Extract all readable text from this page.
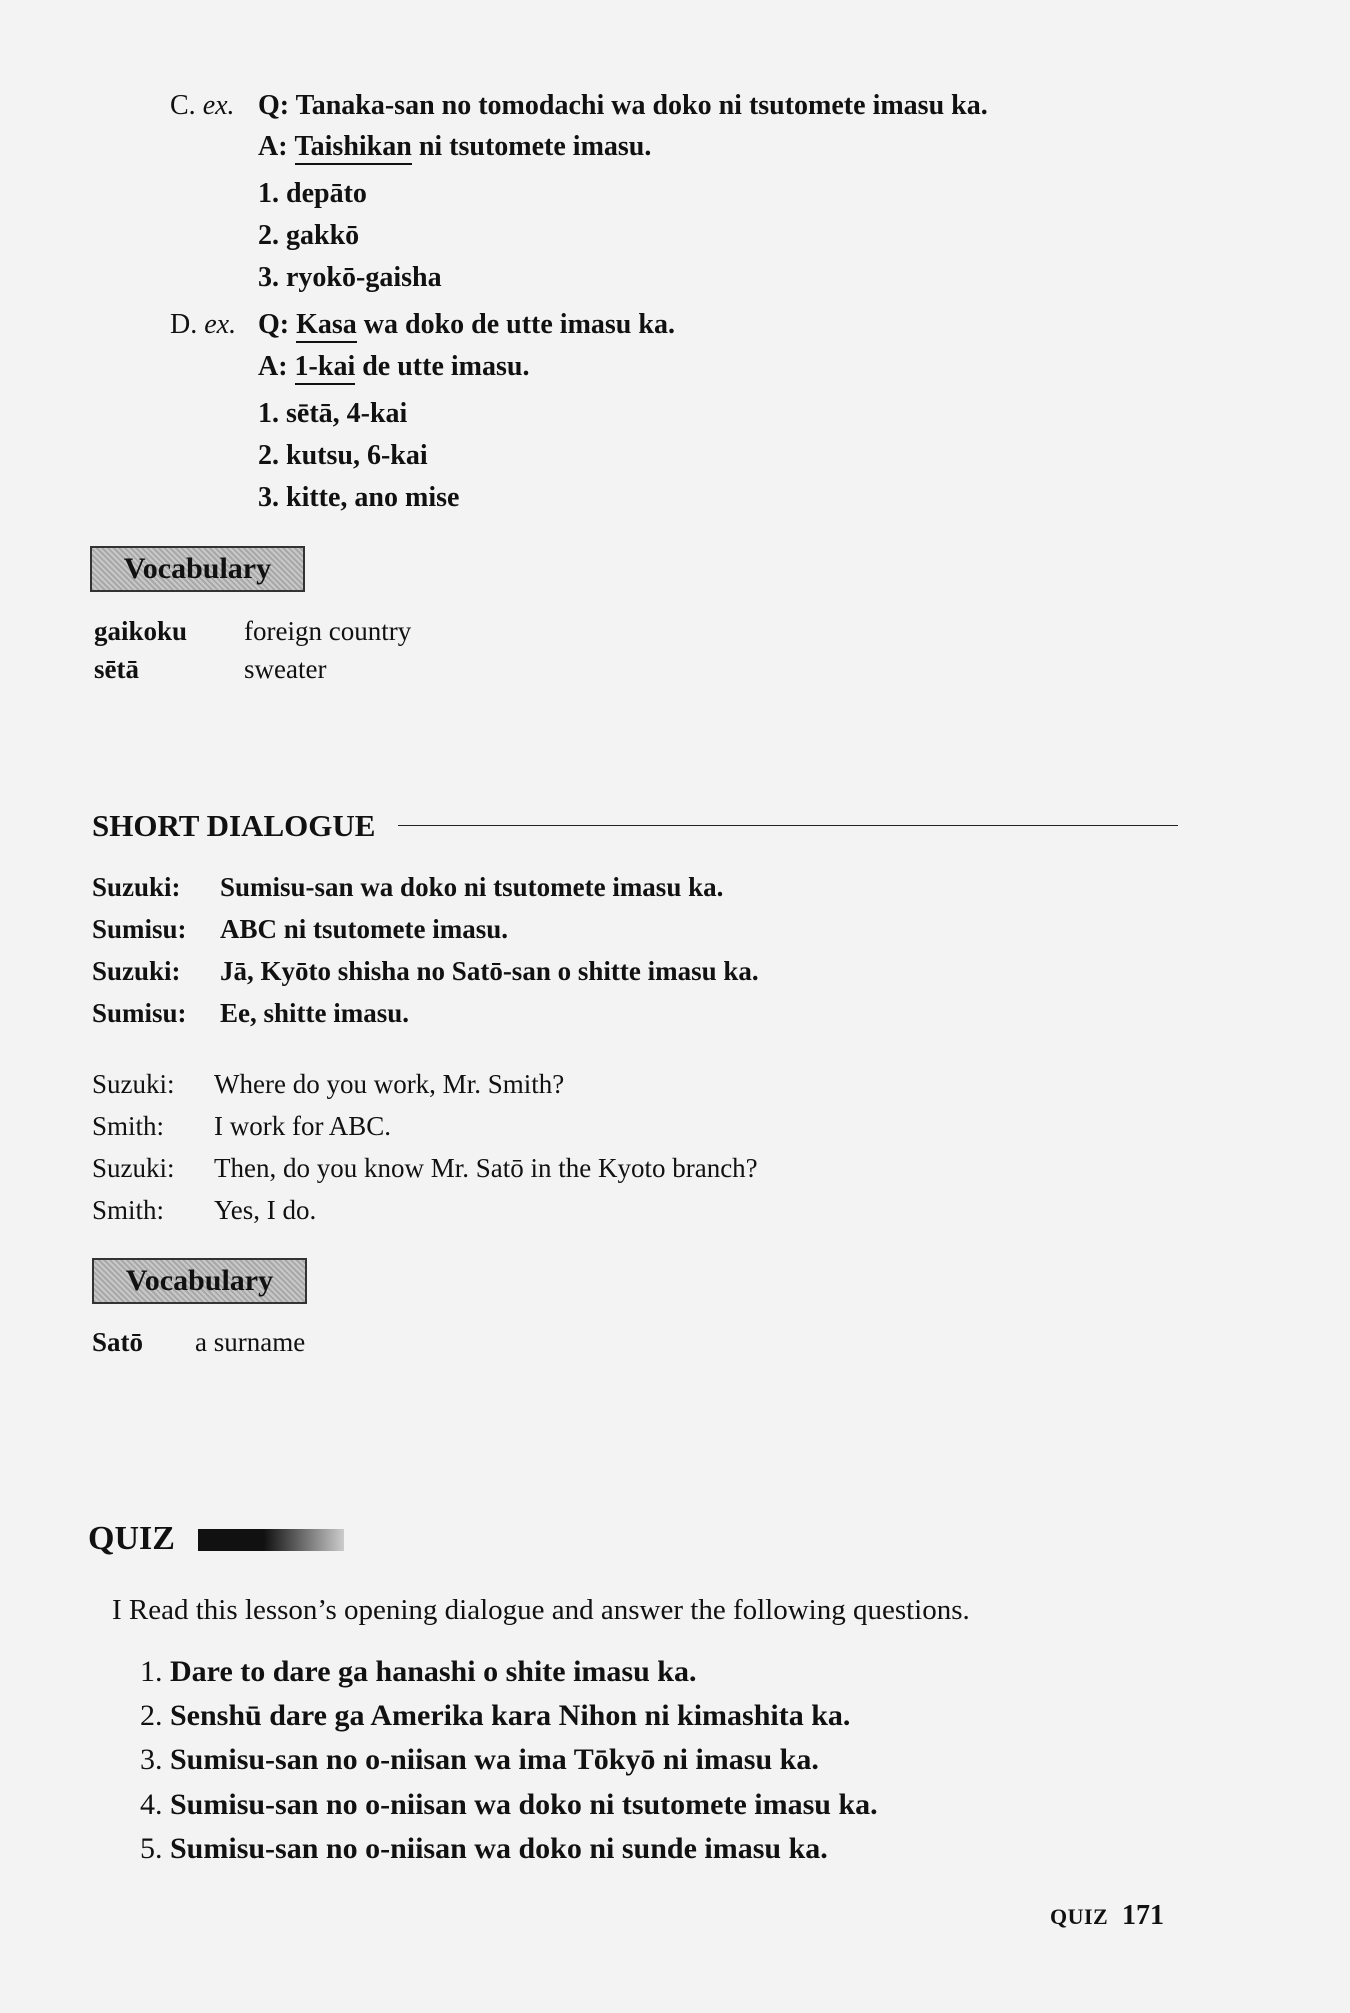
C. ex. Q: Tanaka-san no tomodachi wa doko ni tsutomete imasu ka.
A: Taishikan ni tsutomete imasu.
1. depāto
2. gakkō
3. ryokō-gaisha
D. ex. Q: Kasa wa doko de utte imasu ka.
A: 1-kai de utte imasu.
1. sētā, 4-kai
2. kutsu, 6-kai
3. kitte, ano mise
Vocabulary
gaikoku foreign country
sētā	sweater
SHORT DIALOGUE
Suzuki: Sumisu-san wa doko ni tsutomete imasu ka.
Sumisu: ABC ni tsutomete imasu.
Suzuki: Jā, Kyōto shisha no Satō-san o shitte imasu ka.
Sumisu: Ee, shitte imasu.
Suzuki: Where do you work, Mr. Smith?
Smith: I work for ABC.
Suzuki: Then, do you know Mr. Satō in the Kyoto branch?
Smith: Yes, I do.
Vocabulary
Satō a surname
QUIZ
I Read this lesson’s opening dialogue and answer the following questions.
1. Dare to dare ga hanashi o shite imasu ka.
2. Senshū dare ga Amerika kara Nihon ni kimashita ka.
3. Sumisu-san no o-niisan wa ima Tōkyō ni imasu ka.
4. Sumisu-san no o-niisan wa doko ni tsutomete imasu ka.
5. Sumisu-san no o-niisan wa doko ni sunde imasu ka.
QUIZ 171
